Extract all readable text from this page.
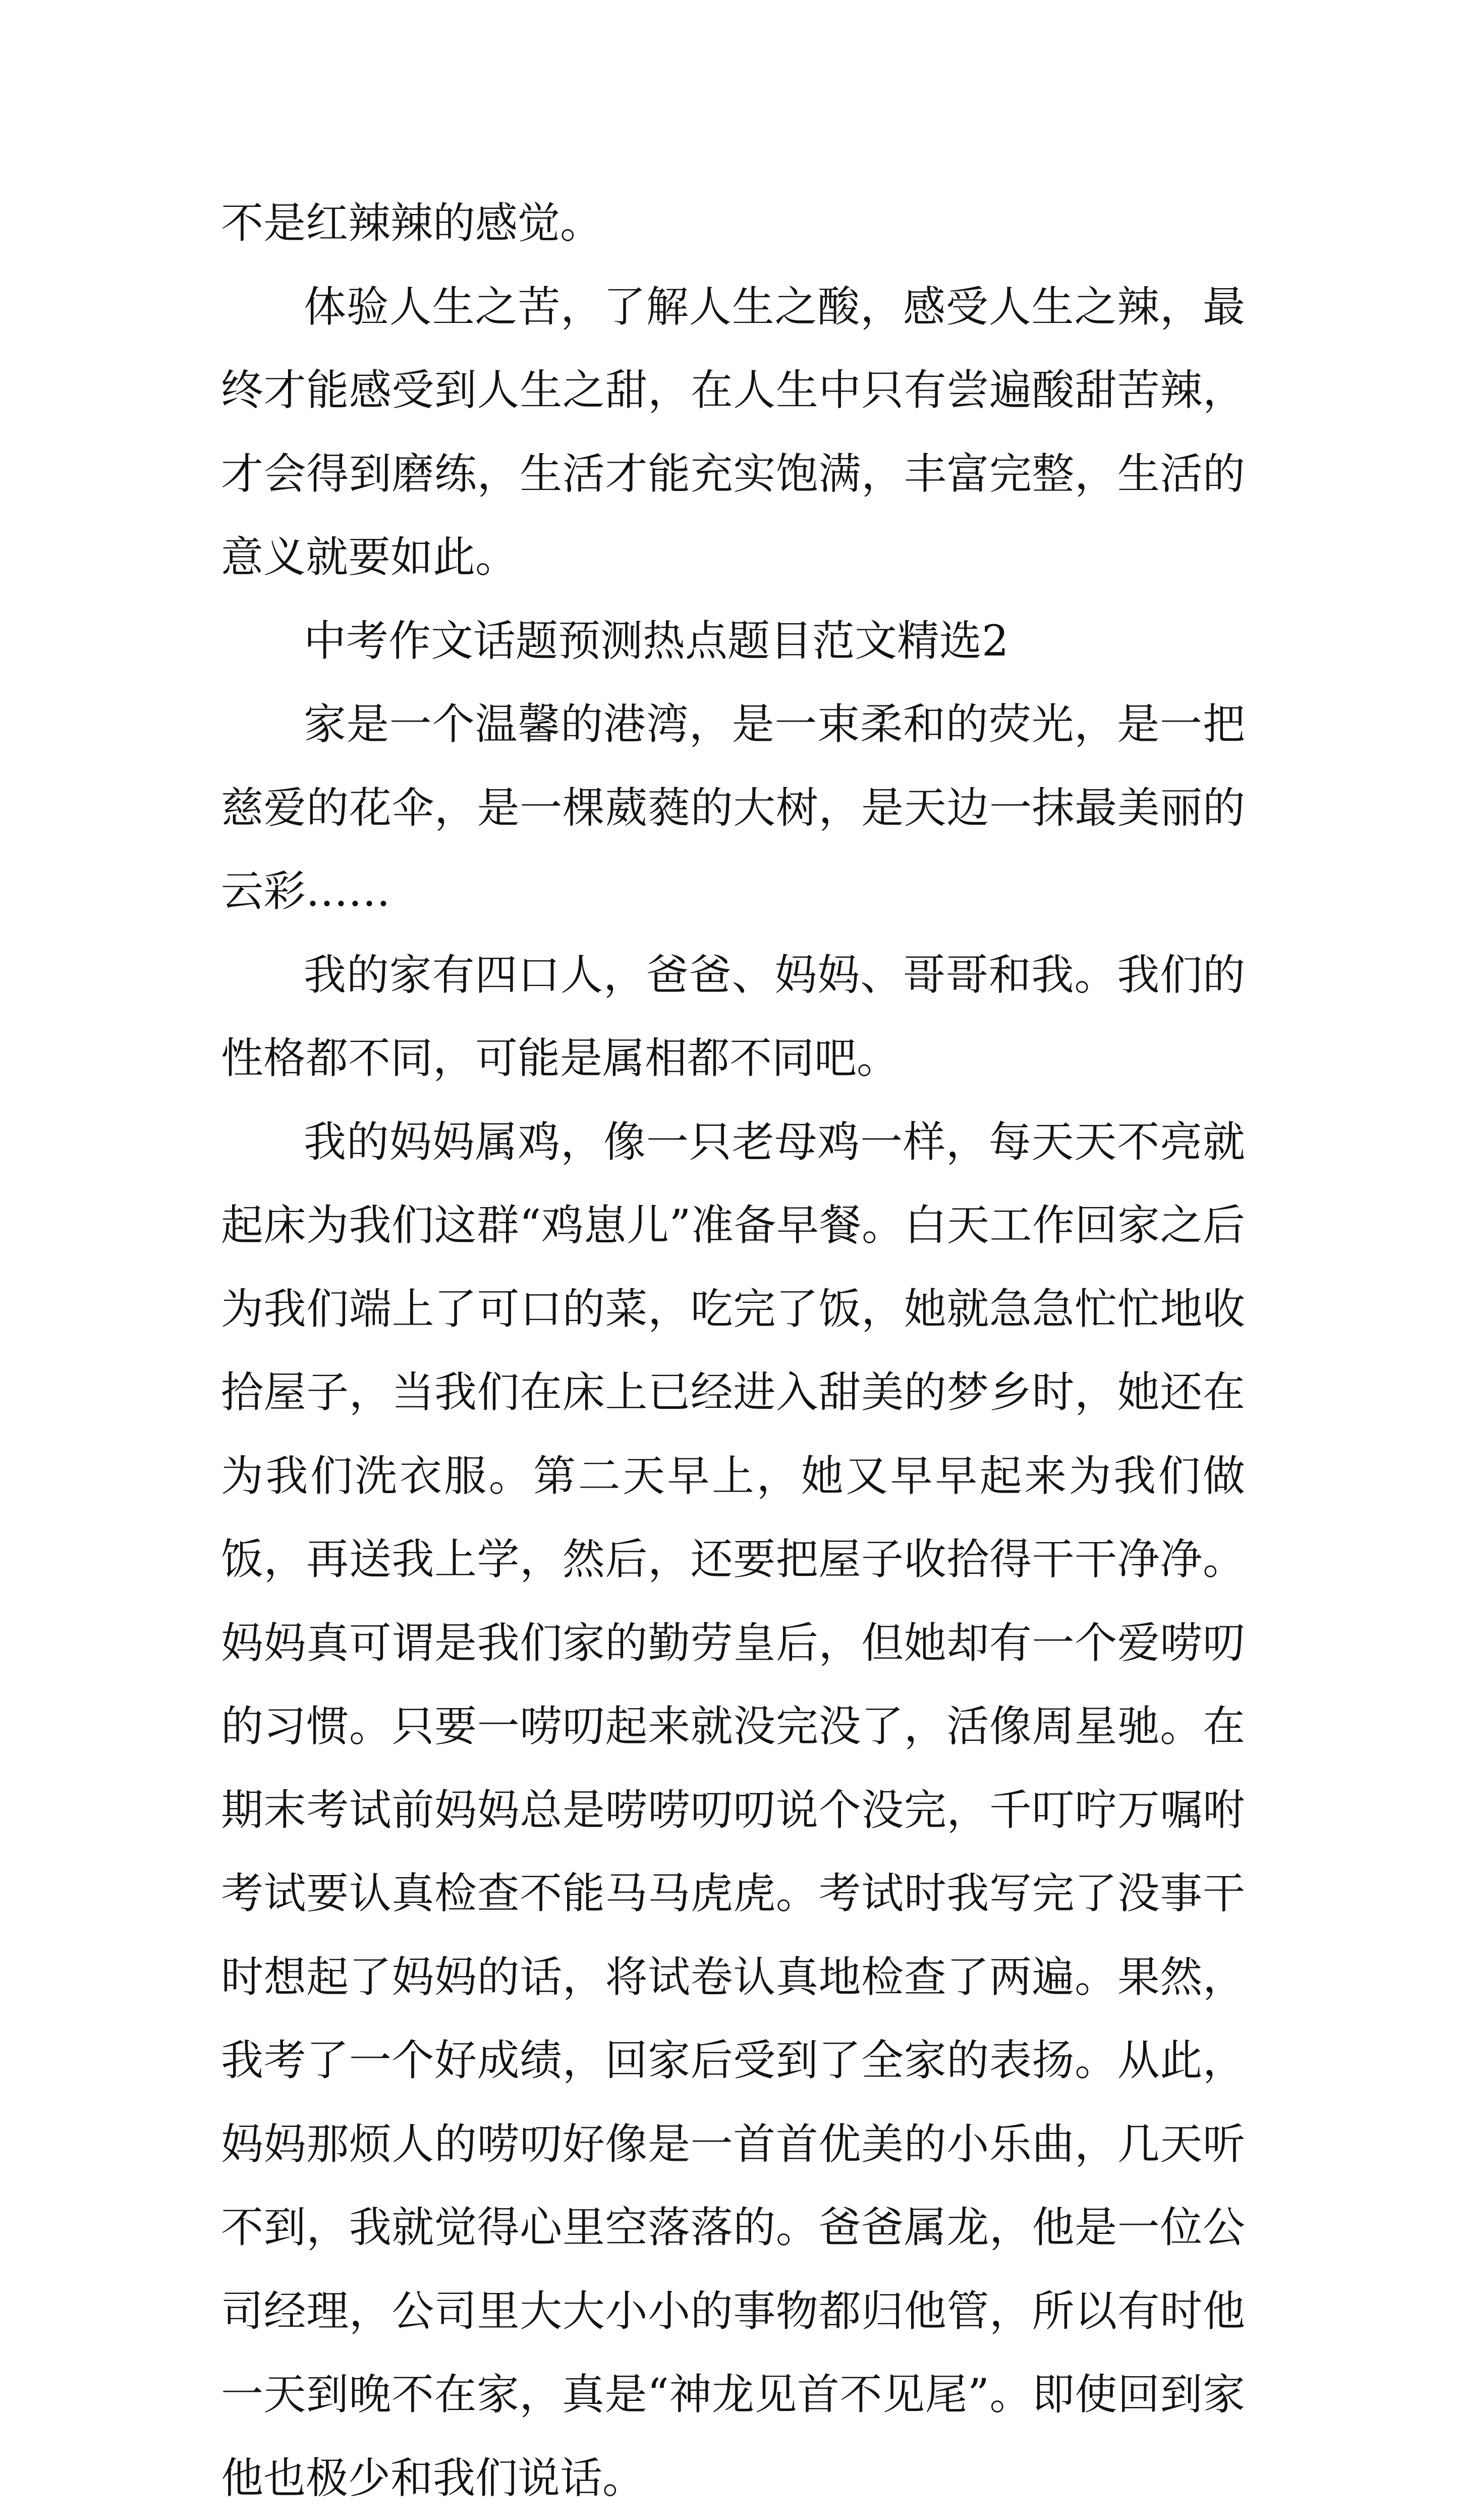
不是红辣辣的感觉。

体验人生之苦，了解人生之酸，感受人生之辣，最终才能感受到人生之甜，在人生中只有尝遍酸甜苦辣，才会得到磨练，生活才能充实饱满，丰富完整，生活的意义就要如此。

中考作文话题预测热点题目范文精选2

家是一个温馨的港湾，是一束柔和的荧光，是一把慈爱的花伞，是一棵葳蕤的大树，是天边一抹最美丽的云彩……

我的家有四口人，爸爸、妈妈、哥哥和我。我们的性格都不同，可能是属相都不同吧。

我的妈妈属鸡，像一只老母鸡一样，每天天不亮就起床为我们这群“鸡崽儿”准备早餐。白天工作回家之后为我们端上了可口的菜，吃完了饭，她就急急忙忙地收拾屋子，当我们在床上已经进入甜美的梦乡时，她还在为我们洗衣服。第二天早上，她又早早起来为我们做饭，再送我上学，然后，还要把屋子收拾得干干净净。妈妈真可谓是我们家的勤劳皇后，但她却有一个爱唠叨的习惯。只要一唠叨起来就没完没了，活像周星驰。在期末考试前妈妈总是唠唠叨叨说个没完，千叮咛万嘱咐考试要认真检查不能马马虎虎。考试时我写完了没事干时想起了妈妈的话，将试卷认真地检查了两遍。果然，我考了一个好成绩，回家后受到了全家的表扬。从此，妈妈那烦人的唠叨好像是一首首优美的小乐曲，几天听不到，我就觉得心里空落落的。爸爸属龙，他是一位公司经理，公司里大大小小的事物都归他管，所以有时他一天到晚不在家，真是“神龙见首不见尾”。即使回到家他也极少和我们说话。
